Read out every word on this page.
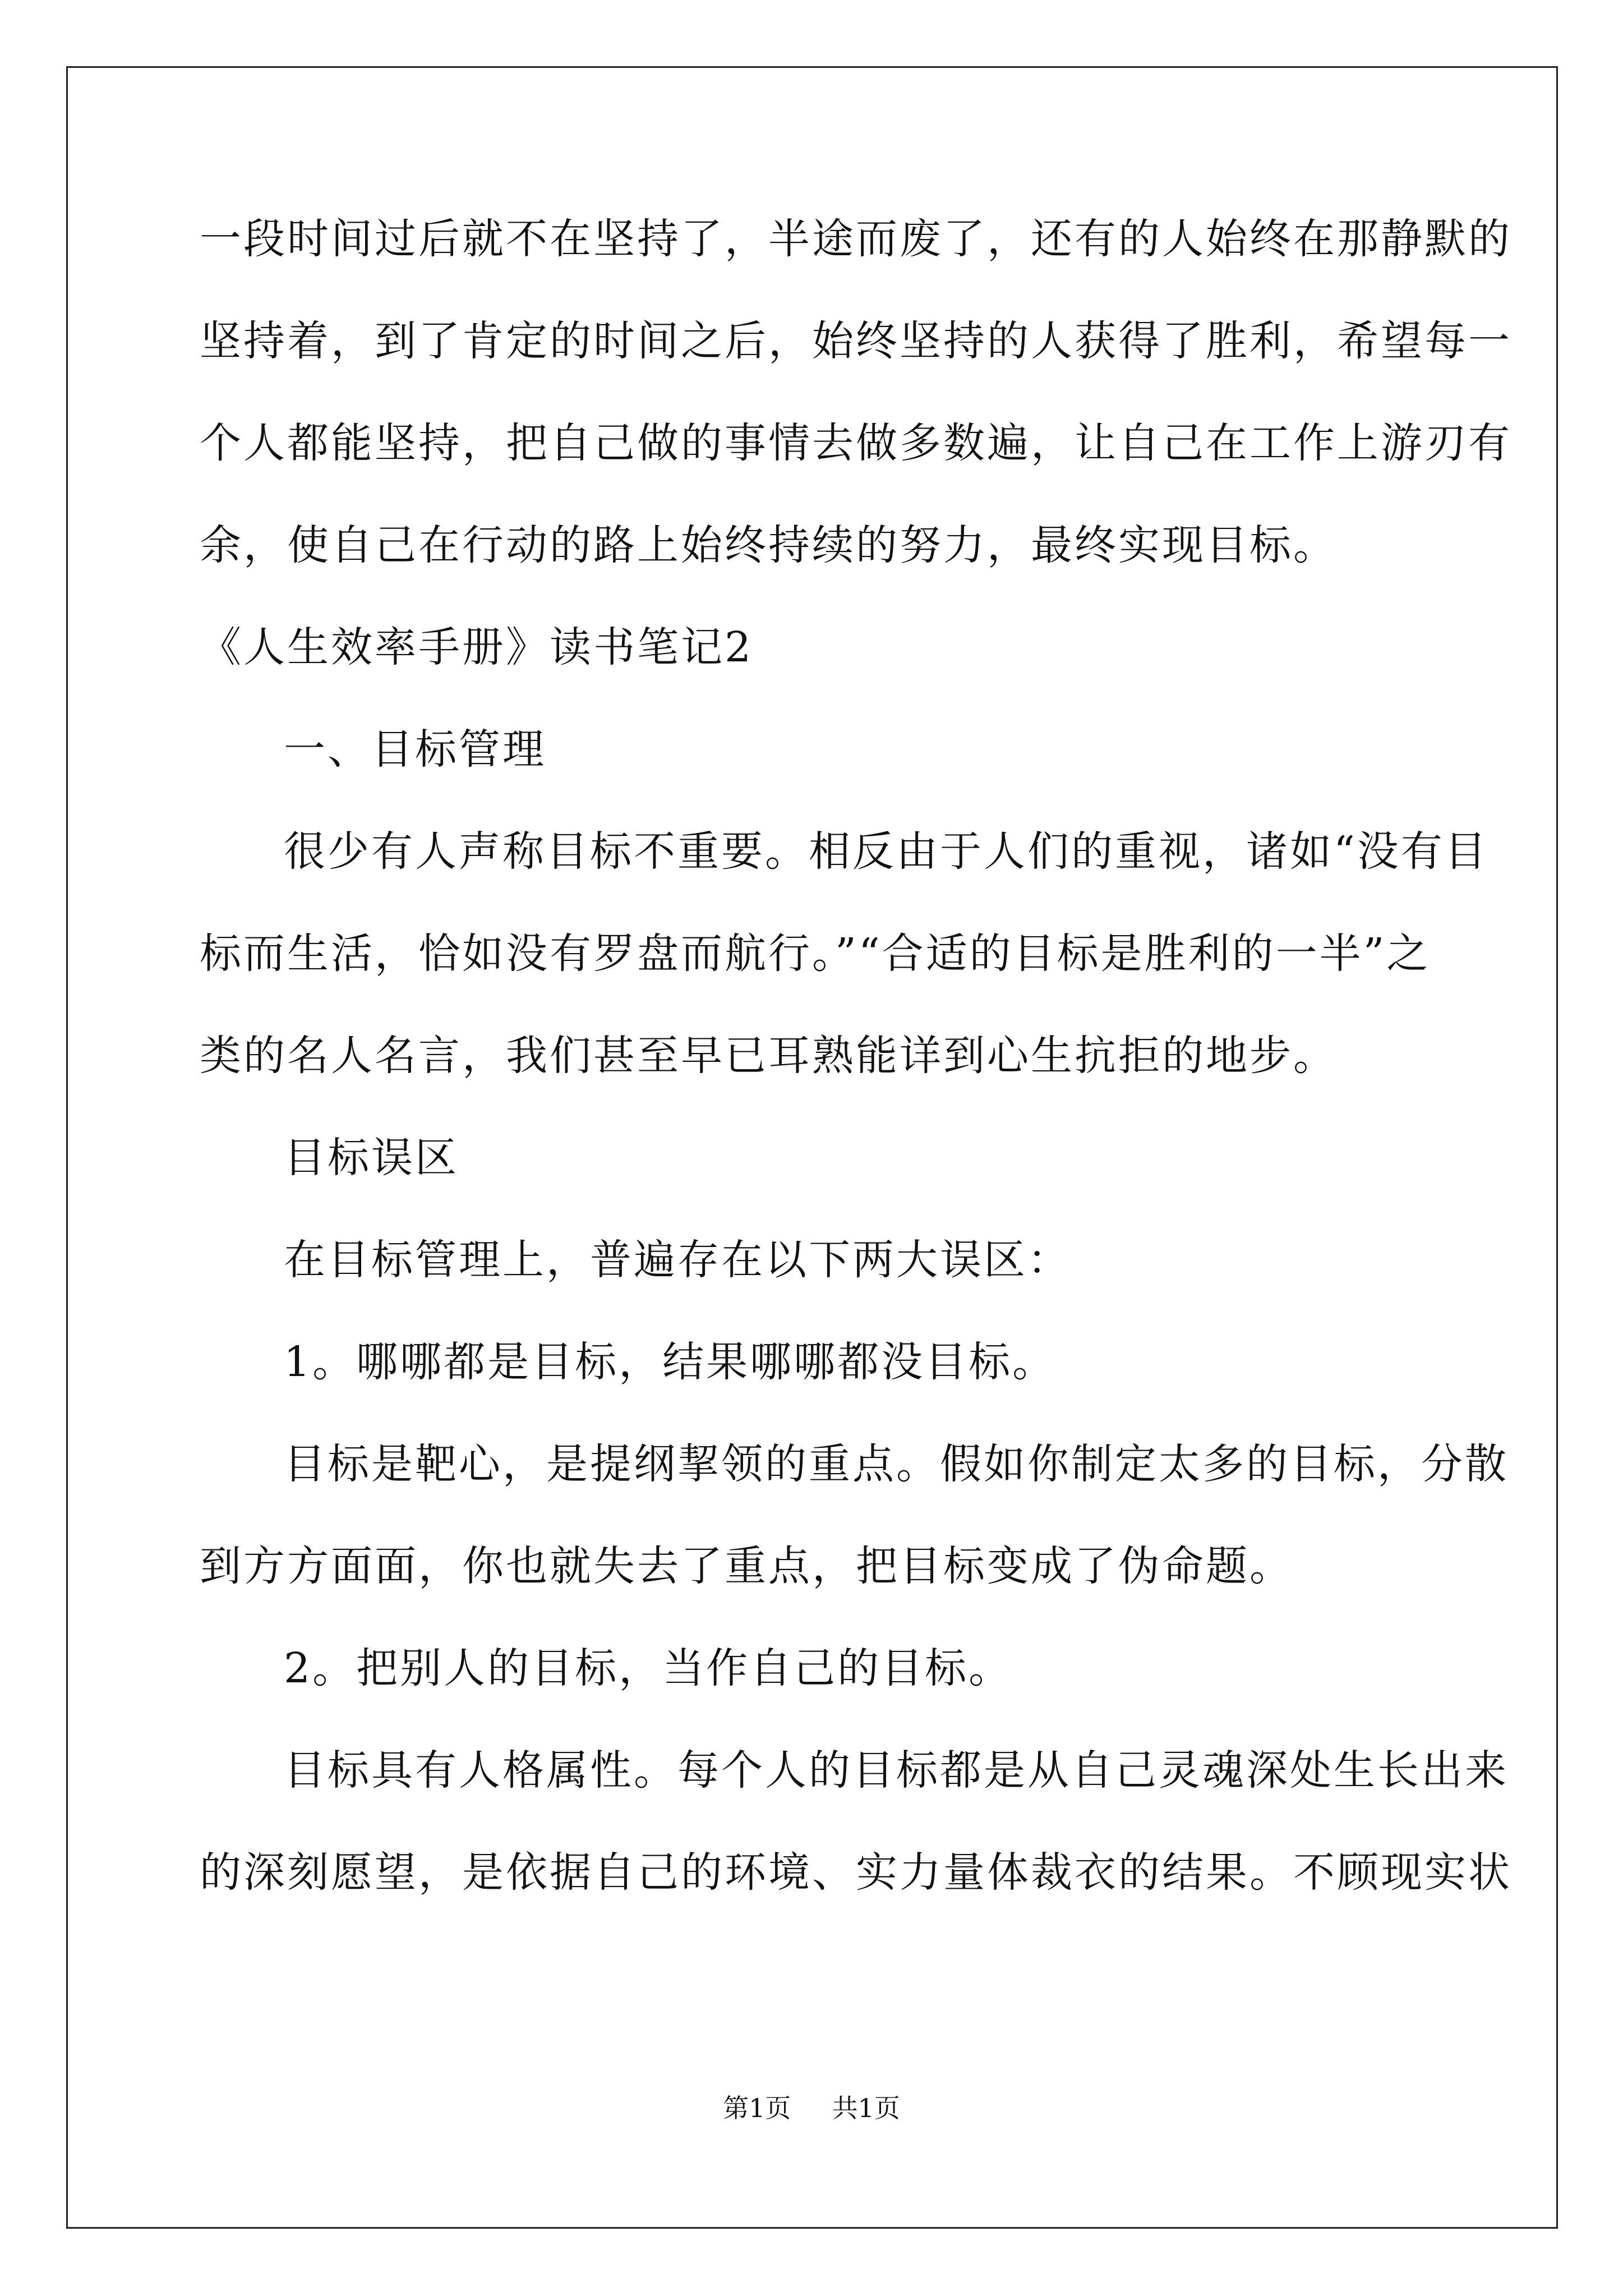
一段时间过后就不在坚持了，半途而废了，还有的人始终在那静默的
坚持着，到了肯定的时间之后，始终坚持的人获得了胜利，希望每一
个人都能坚持，把自己做的事情去做多数遍，让自己在工作上游刃有
余，使自己在行动的路上始终持续的努力，最终实现目标。
《人生效率手册》读书笔记2
一、目标管理
很少有人声称目标不重要。相反由于人们的重视，诸如“没有目
标而生活，恰如没有罗盘而航行。”“合适的目标是胜利的一半”之
类的名人名言，我们甚至早已耳熟能详到心生抗拒的地步。
目标误区
在目标管理上，普遍存在以下两大误区：
1。哪哪都是目标，结果哪哪都没目标。
目标是靶心，是提纲挈领的重点。假如你制定太多的目标，分散
到方方面面，你也就失去了重点，把目标变成了伪命题。
2。把别人的目标，当作自己的目标。
目标具有人格属性。每个人的目标都是从自己灵魂深处生长出来
的深刻愿望，是依据自己的环境、实力量体裁衣的结果。不顾现实状
第1页 共1页
